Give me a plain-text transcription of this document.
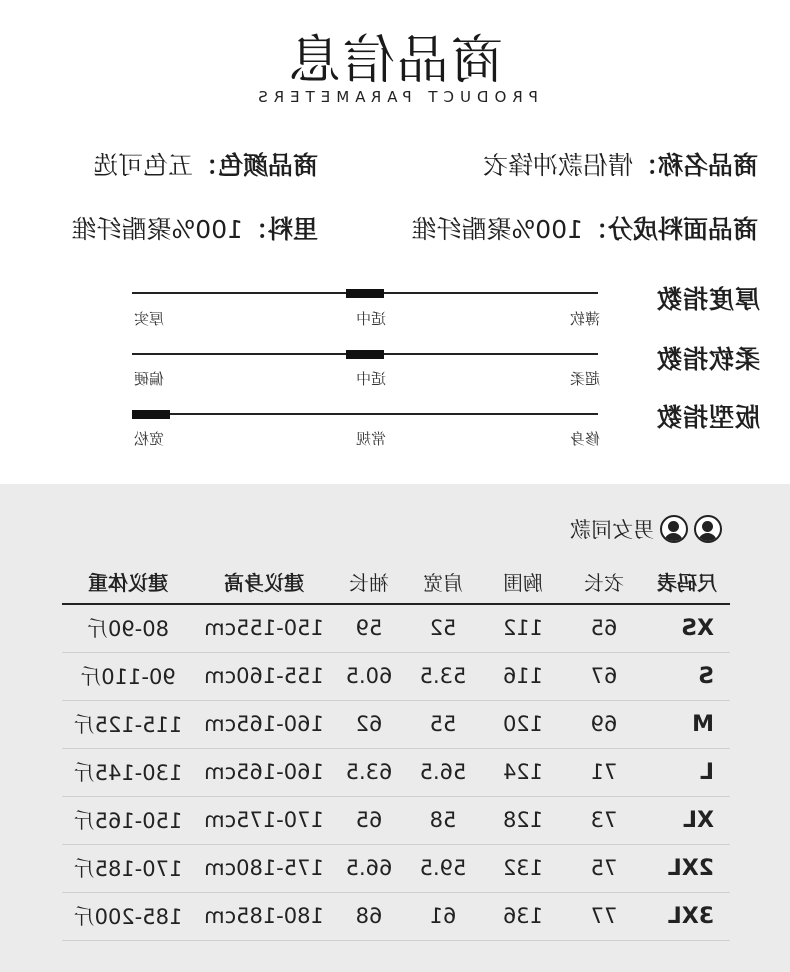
商品信息
PRODUCT PARAMETERS
商品名称：情侣款冲锋衣
商品颜色：五色可选
商品面料成分：100%聚酯纤维
里料：100%聚酯纤维
厚度指数
薄软
适中
厚实
柔软指数
超柔
适中
偏硬
版型指数
修身
常规
宽松
男女同款
尺码表	衣长	胸围	肩宽	袖长	建议身高	建议体重
XS	65	112	52	59	150-155cm	80-90斤
S	67	116	53.5	60.5	155-160cm	90-110斤
M	69	120	55	62	160-165cm	115-125斤
L	71	124	56.5	63.5	160-165cm	130-145斤
XL	73	128	58	65	170-175cm	150-165斤
2XL	75	132	59.5	66.5	175-180cm	170-185斤
3XL	77	136	61	68	180-185cm	185-200斤
